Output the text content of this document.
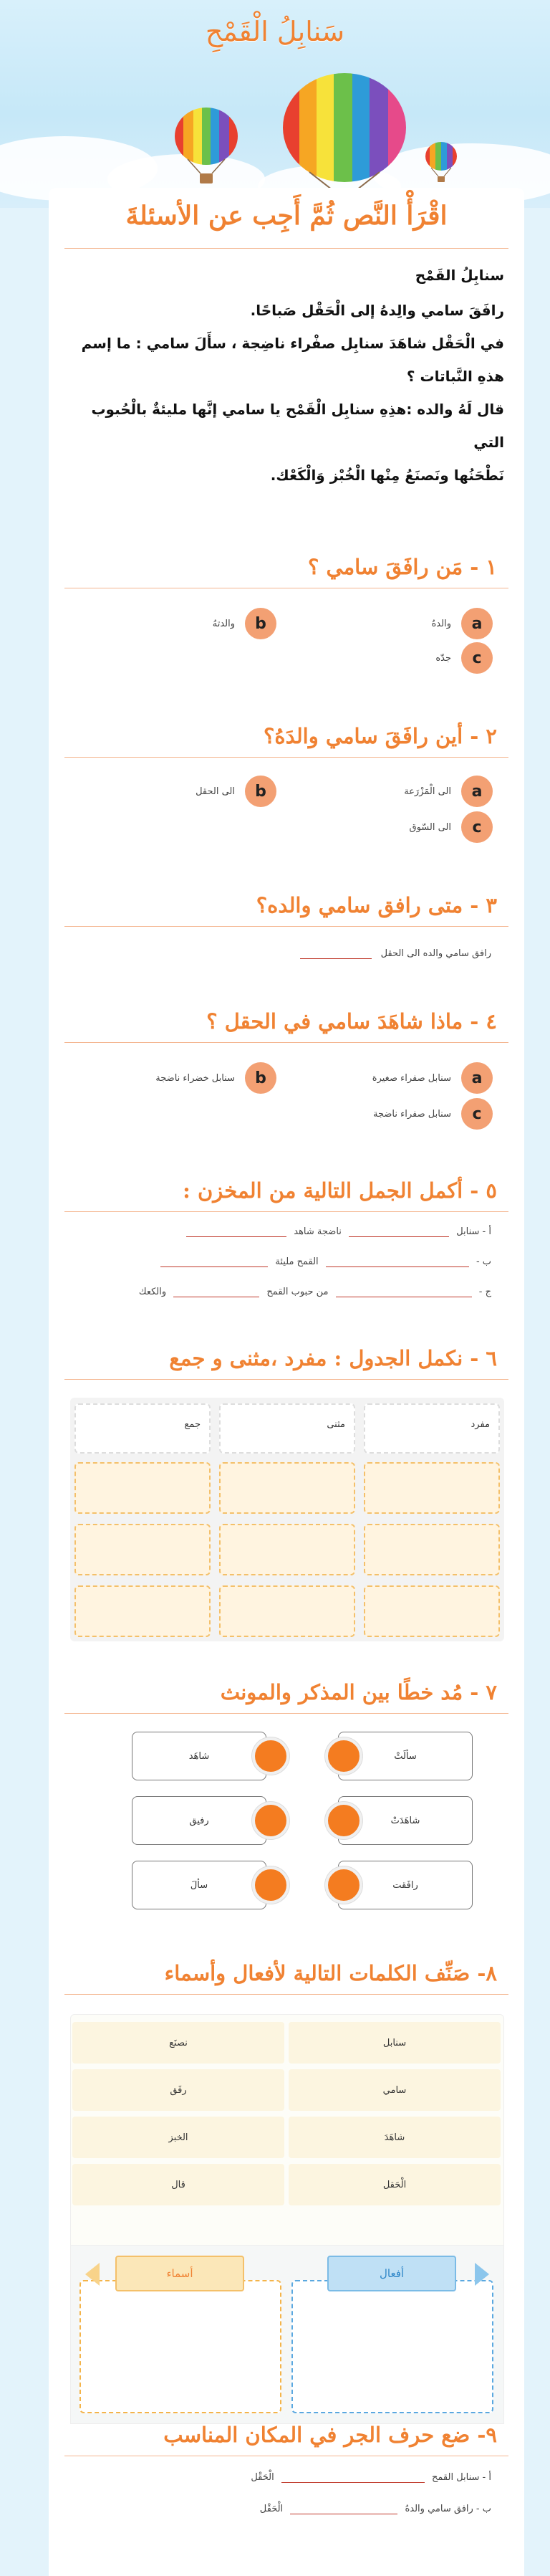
سَنابِلُ الْقَمْحِ
اقْرَأْ النَّص ثُمَّ أَجِب عن الأسئلةَ
سنابِلُ القَمْح

رافَقَ سامي والِدهُ إلى الْحَقْل صَباحًا.

في الْحَقْل شاهَدَ سنابِل صفْراء ناضِجة ، سأَلَ سامي : ما إسم

هذهِ النَّباتات ؟

قال لَهُ والده :هذِهِ سنابِل الْقَمْح يا سامي إنَّها مليئةٌ بالْحُبوب التي

نَطْحَنُها ونَصنَعُ مِنْها الْخُبْز وَالْكَعْك.

۱ - مَن رافَقَ سامي ؟
a
والدهُ
b
والدتهُ
c
جدّه
۲ - أين رافَقَ سامي والدَهُ؟
a
الى الْمَزْرَعة
b
الى الحقل
c
الى السّوق
۳ - متى رافق سامي والده؟
رافق سامي والده الى الحقل
٤ - ماذا شاهَدَ سامي في الحقل ؟
a
سنابل صفراء صغيرة
b
سنابل خضراء ناضجة
c
سنابل صفراء ناضجة
٥ - أكمل الجمل التالية من المخزن :
أ - سنابل  ناضجة شاهد
ب -  القمح مليئة
ج -  من حبوب القمح  والكعك
٦ - نكمل الجدول : مفرد ،مثنى و جمع
مفرد
مثنى
جمع
٧ - مُد خطًا بين المذكر والمونث
سألَتْ
شاهَد
شاهَدَتْ
رفيق
رافَقت
سألَ
٨- صَنِّف الكلمات التالية لأفعال وأسماء
سنابل
نصنَع
سامي
رفَق
شاهَدَ
الخبز
الْحَقل
قال
أفعال
أسماء
٩- ضع حرف الجر في المكان المناسب
أ - سنابل القمح  الْحَقْل
ب - رافق سامي والدهُ  الْحَقْل
